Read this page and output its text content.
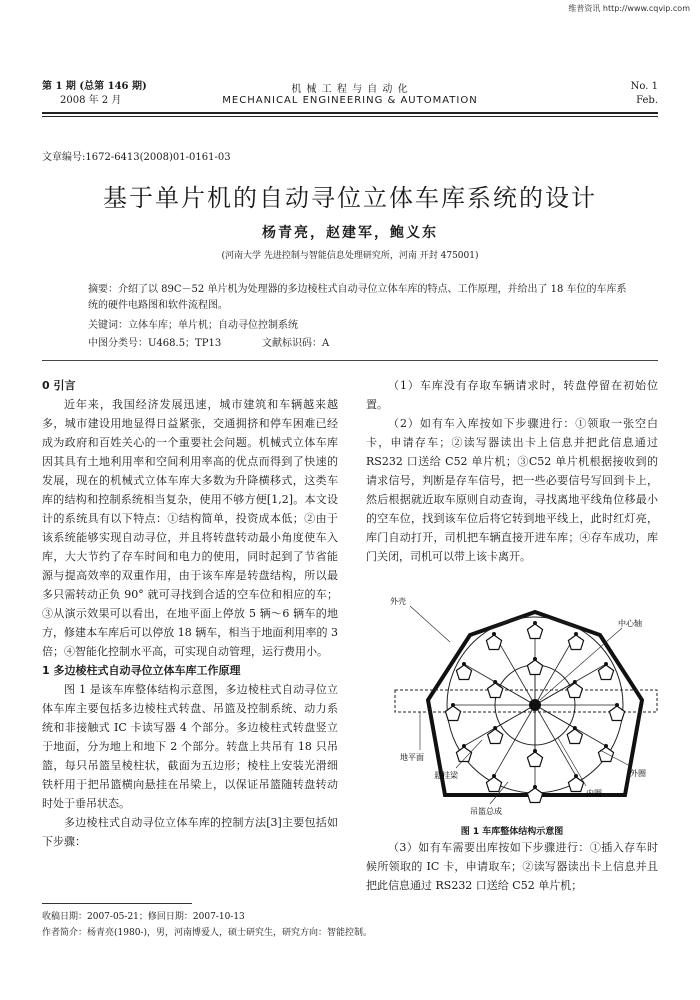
维普资讯 http://www.cqvip.com
第 1 期 (总第 146 期)
2008 年 2 月
机 械 工 程 与 自 动 化
MECHANICAL ENGINEERING & AUTOMATION
No. 1
Feb.
文章编号:1672-6413(2008)01-0161-03
基于单片机的自动寻位立体车库系统的设计
杨青亮，赵建军，鲍义东
(河南大学 先进控制与智能信息处理研究所，河南 开封 475001)
摘要：介绍了以 89C－52 单片机为处理器的多边棱柱式自动寻位立体车库的特点、工作原理，并给出了 18 车位的车库系统的硬件电路图和软件流程图。
关键词：立体车库；单片机；自动寻位控制系统
中图分类号：U468.5；TP13	文献标识码：A
0 引言

近年来，我国经济发展迅速，城市建筑和车辆越来越多，城市建设用地显得日益紧张，交通拥挤和停车困难已经成为政府和百姓关心的一个重要社会问题。机械式立体车库因其具有土地利用率和空间利用率高的优点而得到了快速的发展，现在的机械式立体车库大多数为升降横移式，这类车库的结构和控制系统相当复杂，使用不够方便[1,2]。本文设计的系统具有以下特点：①结构简单，投资成本低；②由于该系统能够实现自动寻位，并且将转盘转动最小角度使车入库，大大节约了存车时间和电力的使用，同时起到了节省能源与提高效率的双重作用，由于该车库是转盘结构，所以最多只需转动正负 90° 就可寻找到合适的空车位和相应的车；③从演示效果可以看出，在地平面上停放 5 辆～6 辆车的地方，修建本车库后可以停放 18 辆车，相当于地面利用率的 3 倍；④智能化控制水平高，可实现自动管理，运行费用小。

1 多边棱柱式自动寻位立体车库工作原理

图 1 是该车库整体结构示意图，多边棱柱式自动寻位立体车库主要包括多边棱柱式转盘、吊篮及控制系统、动力系统和非接触式 IC 卡读写器 4 个部分。多边棱柱式转盘竖立于地面，分为地上和地下 2 个部分。转盘上共吊有 18 只吊篮，每只吊篮呈棱柱状，截面为五边形；棱柱上安装光滑细铁杆用于把吊篮横向悬挂在吊梁上，以保证吊篮随转盘转动时处于垂吊状态。

多边棱柱式自动寻位立体车库的控制方法[3]主要包括如下步骤：

（1）车库没有存取车辆请求时，转盘停留在初始位置。

（2）如有车入库按如下步骤进行：①领取一张空白卡，申请存车；②读写器读出卡上信息并把此信息通过 RS232 口送给 C52 单片机；③C52 单片机根据接收到的请求信号，判断是存车信号，把一些必要信号写回到卡上，然后根据就近取车原则自动查询，寻找离地平线角位移最小的空车位，找到该车位后将它转到地平线上，此时红灯亮，库门自动打开，司机把车辆直接开进车库；④存车成功，库门关闭，司机可以带上该卡离开。

外壳
中心轴
地平面
悬挂梁	外圈
内圈
吊篮总成
图 1 车库整体结构示意图

（3）如有车需要出库按如下步骤进行：①插入存车时候所领取的 IC 卡，申请取车；②读写器读出卡上信息并且把此信息通过 RS232 口送给 C52 单片机；

收稿日期：2007-05-21；修回日期：2007-10-13
作者简介：杨青亮(1980-)，男，河南博爱人，硕士研究生，研究方向：智能控制。
